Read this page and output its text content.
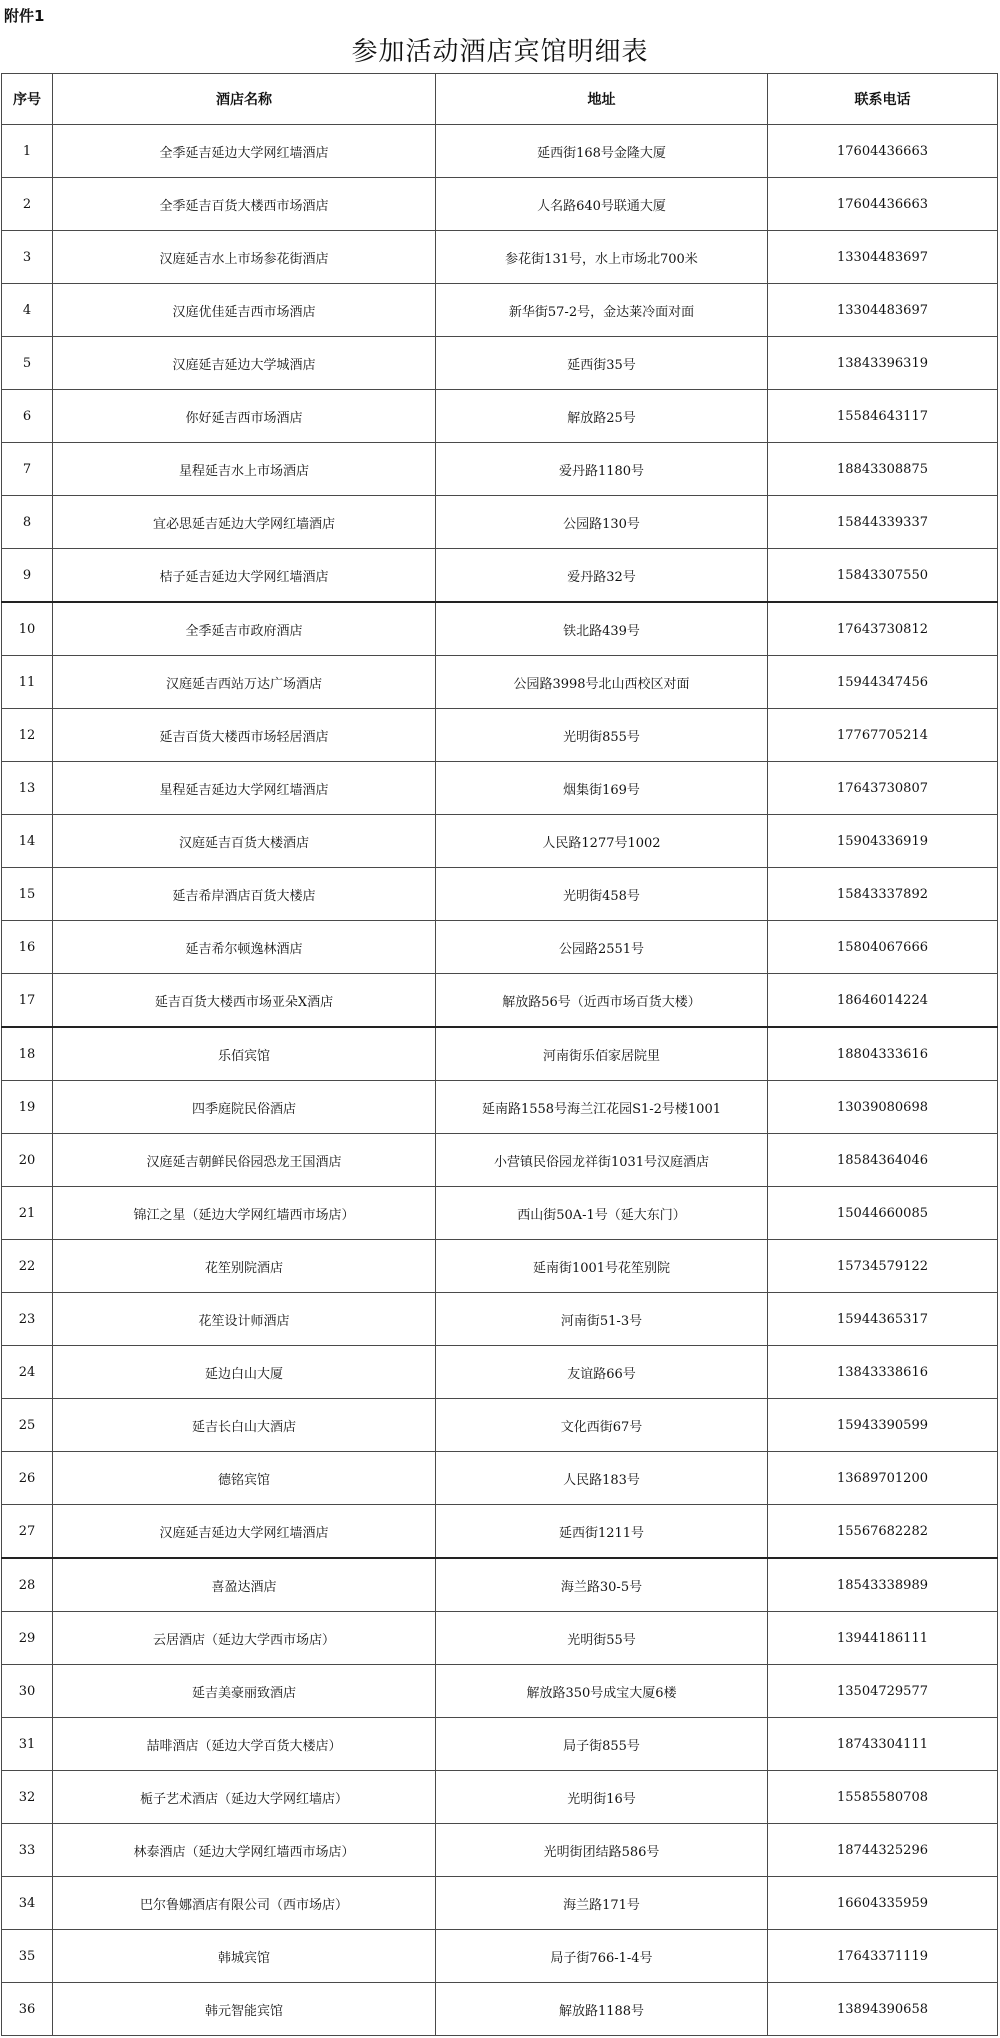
附件1
参加活动酒店宾馆明细表
序号	酒店名称	地址	联系电话
1	全季延吉延边大学网红墙酒店	延西街168号金隆大厦	17604436663
2	全季延吉百货大楼西市场酒店	人名路640号联通大厦	17604436663
3	汉庭延吉水上市场参花街酒店	参花街131号，水上市场北700米	13304483697
4	汉庭优佳延吉西市场酒店	新华街57-2号，金达莱冷面对面	13304483697
5	汉庭延吉延边大学城酒店	延西街35号	13843396319
6	你好延吉西市场酒店	解放路25号	15584643117
7	星程延吉水上市场酒店	爱丹路1180号	18843308875
8	宜必思延吉延边大学网红墙酒店	公园路130号	15844339337
9	桔子延吉延边大学网红墙酒店	爱丹路32号	15843307550
10	全季延吉市政府酒店	铁北路439号	17643730812
11	汉庭延吉西站万达广场酒店	公园路3998号北山西校区对面	15944347456
12	延吉百货大楼西市场轻居酒店	光明街855号	17767705214
13	星程延吉延边大学网红墙酒店	烟集街169号	17643730807
14	汉庭延吉百货大楼酒店	人民路1277号1002	15904336919
15	延吉希岸酒店百货大楼店	光明街458号	15843337892
16	延吉希尔顿逸林酒店	公园路2551号	15804067666
17	延吉百货大楼西市场亚朵X酒店	解放路56号（近西市场百货大楼）	18646014224
18	乐佰宾馆	河南街乐佰家居院里	18804333616
19	四季庭院民俗酒店	延南路1558号海兰江花园S1-2号楼1001	13039080698
20	汉庭延吉朝鲜民俗园恐龙王国酒店	小营镇民俗园龙祥街1031号汉庭酒店	18584364046
21	锦江之星（延边大学网红墙西市场店）	西山街50A-1号（延大东门）	15044660085
22	花笙别院酒店	延南街1001号花笙别院	15734579122
23	花笙设计师酒店	河南街51-3号	15944365317
24	延边白山大厦	友谊路66号	13843338616
25	延吉长白山大酒店	文化西街67号	15943390599
26	德铭宾馆	人民路183号	13689701200
27	汉庭延吉延边大学网红墙酒店	延西街1211号	15567682282
28	喜盈达酒店	海兰路30-5号	18543338989
29	云居酒店（延边大学西市场店）	光明街55号	13944186111
30	延吉美豪丽致酒店	解放路350号成宝大厦6楼	13504729577
31	喆啡酒店（延边大学百货大楼店）	局子街855号	18743304111
32	栀子艺术酒店（延边大学网红墙店）	光明街16号	15585580708
33	林泰酒店（延边大学网红墙西市场店）	光明街团结路586号	18744325296
34	巴尔鲁娜酒店有限公司（西市场店）	海兰路171号	16604335959
35	韩城宾馆	局子街766-1-4号	17643371119
36	韩元智能宾馆	解放路1188号	13894390658
